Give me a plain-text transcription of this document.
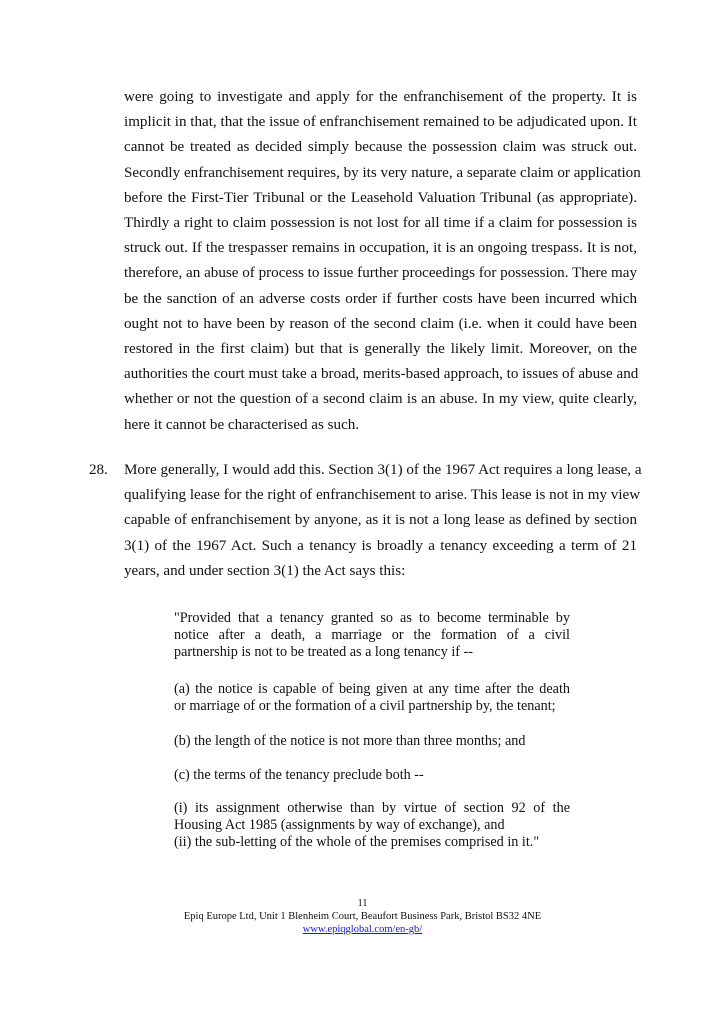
were going to investigate and apply for the enfranchisement of the property. It is
implicit in that, that the issue of enfranchisement remained to be adjudicated upon. It
cannot be treated as decided simply because the possession claim was struck out.
Secondly enfranchisement requires, by its very nature, a separate claim or application
before the First-Tier Tribunal or the Leasehold Valuation Tribunal (as appropriate).
Thirdly a right to claim possession is not lost for all time if a claim for possession is
struck out. If the trespasser remains in occupation, it is an ongoing trespass. It is not,
therefore, an abuse of process to issue further proceedings for possession. There may
be the sanction of an adverse costs order if further costs have been incurred which
ought not to have been by reason of the second claim (i.e. when it could have been
restored in the first claim) but that is generally the likely limit. Moreover, on the
authorities the court must take a broad, merits-based approach, to issues of abuse and
whether or not the question of a second claim is an abuse. In my view, quite clearly,
here it cannot be characterised as such.

28. More generally, I would add this. Section 3(1) of the 1967 Act requires a long lease, a
qualifying lease for the right of enfranchisement to arise. This lease is not in my view
capable of enfranchisement by anyone, as it is not a long lease as defined by section
3(1) of the 1967 Act. Such a tenancy is broadly a tenancy exceeding a term of 21
years, and under section 3(1) the Act says this:

"Provided that a tenancy granted so as to become terminable by
notice after a death, a marriage or the formation of a civil
partnership is not to be treated as a long tenancy if --
(a) the notice is capable of being given at any time after the death
or marriage of or the formation of a civil partnership by, the tenant;
(b) the length of the notice is not more than three months; and
(c) the terms of the tenancy preclude both --
(i) its assignment otherwise than by virtue of section 92 of the
Housing Act 1985 (assignments by way of exchange), and
(ii) the sub-letting of the whole of the premises comprised in it."
11
Epiq Europe Ltd, Unit 1 Blenheim Court, Beaufort Business Park, Bristol BS32 4NE
www.epiqglobal.com/en-gb/
